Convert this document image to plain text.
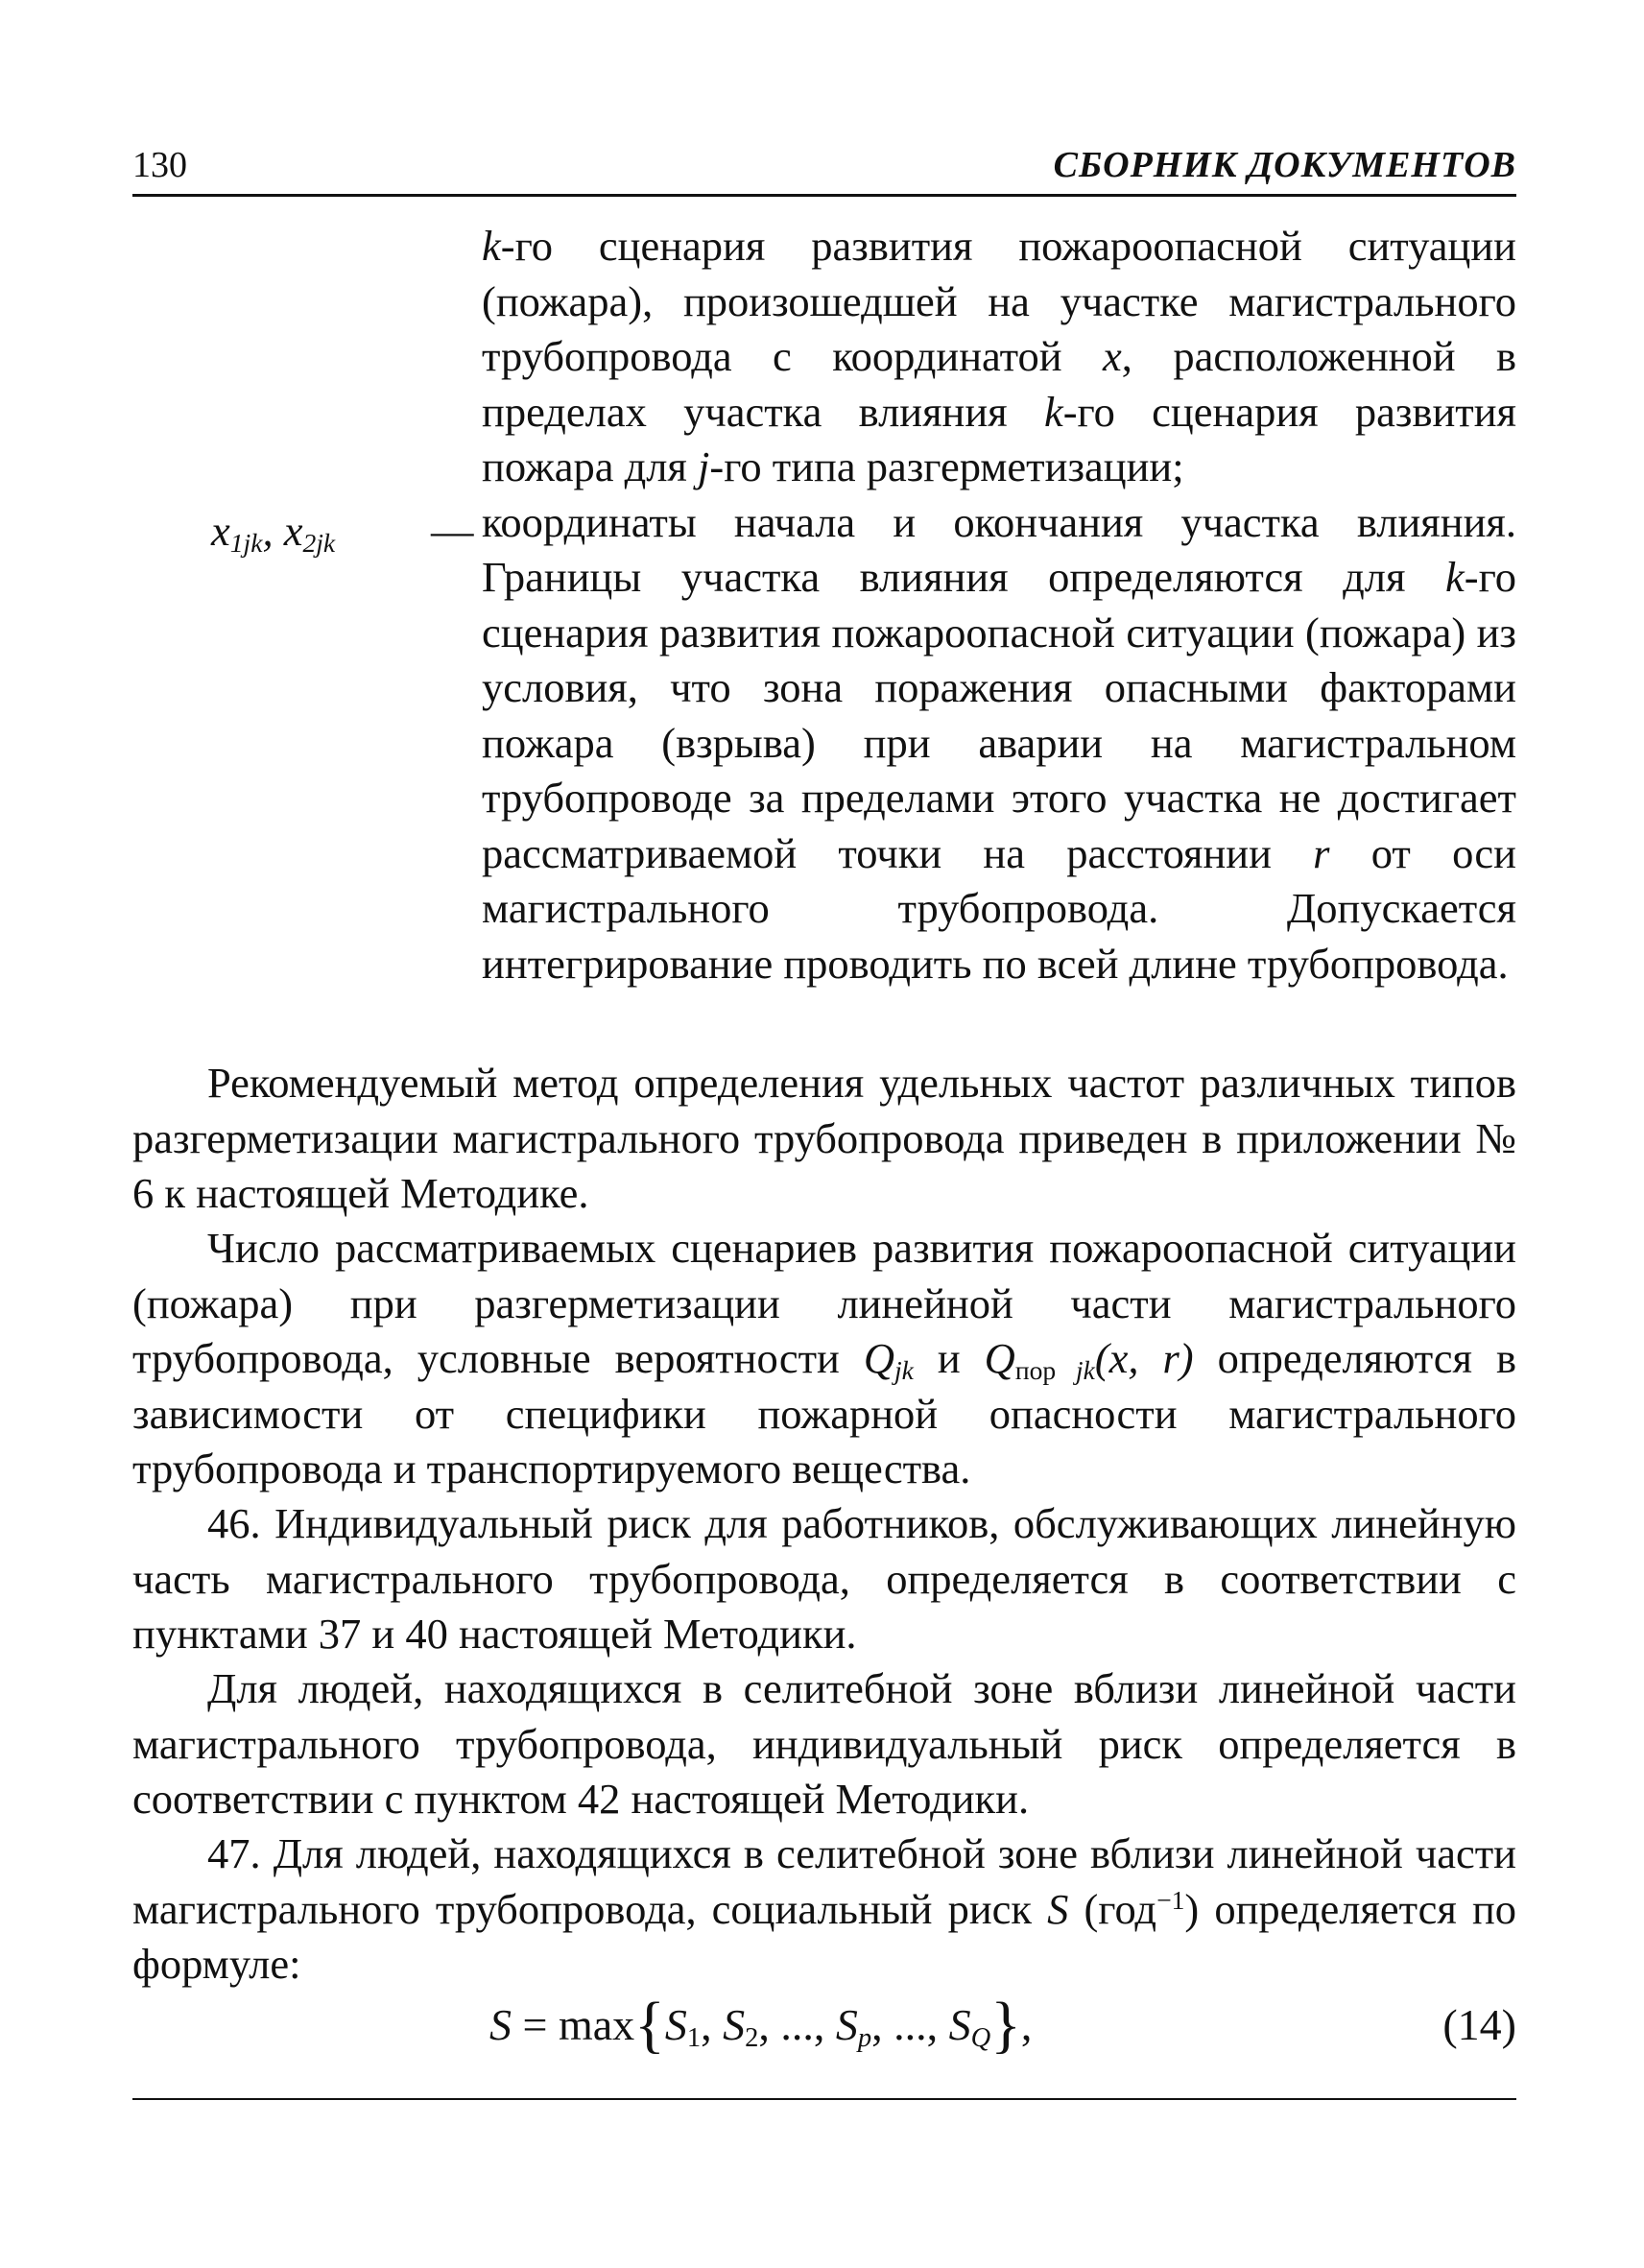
130	СБОРНИК ДОКУМЕНТОВ
k-го сценария развития пожароопасной ситуации (пожара), произошедшей на участке магистрального трубопровода с координатой x, расположенной в пределах участка влияния k-го сценария развития пожара для j-го типа разгерметизации;
координаты начала и окончания участка влияния. Границы участка влияния определяются для k-го сценария развития пожароопасной ситуации (пожара) из условия, что зона поражения опасными факторами пожара (взрыва) при аварии на магистральном трубопроводе за пределами этого участка не достигает рассматриваемой точки на расстоянии r от оси магистрального трубопровода. Допускается интегрирование проводить по всей длине трубопровода.
$x_{1jk}$, $x_{2jk}$ —

Рекомендуемый метод определения удельных частот различных типов разгерметизации магистрального трубопровода приведен в приложении № 6 к настоящей Методике.

Число рассматриваемых сценариев развития пожароопасной ситуации (пожара) при разгерметизации линейной части магистрального трубопровода, условные вероятности $Q_{jk}$ и $Q_{пор jk}(x$, r) определяются в зависимости от специфики пожарной опасности магистрального трубопровода и транспортируемого вещества.

46. Индивидуальный риск для работников, обслуживающих линейную часть магистрального трубопровода, определяется в соответствии с пунктами 37 и 40 настоящей Методики.

Для людей, находящихся в селитебной зоне вблизи линейной части магистрального трубопровода, индивидуальный риск определяется в соответствии с пунктом 42 настоящей Методики.

47. Для людей, находящихся в селитебной зоне вблизи линейной части магистрального трубопровода, социальный риск S (год$^{-1}$) определяется по формуле:

$S = \max\{S_1$, $S_2$, ..., $S_p$, ..., $S_Q$},	(14)
